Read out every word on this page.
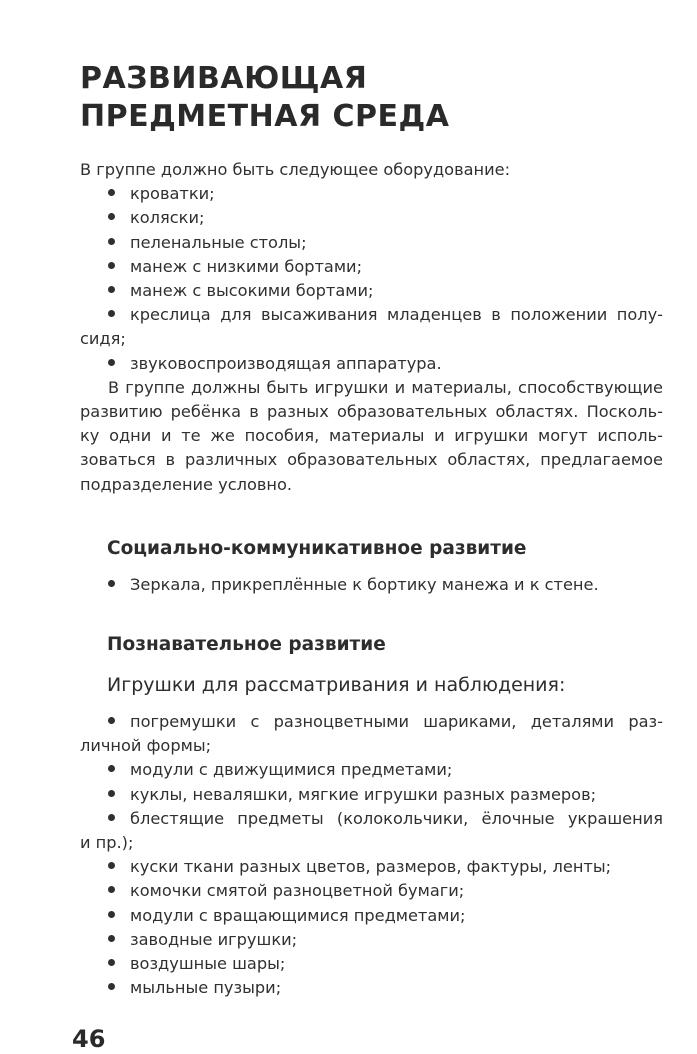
РАЗВИВАЮЩАЯ
ПРЕДМЕТНАЯ СРЕДА
В группе должно быть следующее оборудование:
кроватки;
коляски;
пеленальные столы;
манеж с низкими бортами;
манеж с высокими бортами;
креслица для высаживания младенцев в положении полу-
сидя;
звуковоспроизводящая аппаратура.
В группе должны быть игрушки и материалы, способствующие
развитию ребёнка в разных образовательных областях. Посколь-
ку одни и те же пособия, материалы и игрушки могут исполь-
зоваться в различных образовательных областях, предлагаемое
подразделение условно.
Социально-коммуникативное развитие
Зеркала, прикреплённые к бортику манежа и к стене.
Познавательное развитие
Игрушки для рассматривания и наблюдения:
погремушки с разноцветными шариками, деталями раз-
личной формы;
модули с движущимися предметами;
куклы, неваляшки, мягкие игрушки разных размеров;
блестящие предметы (колокольчики, ёлочные украшения
и пр.);
куски ткани разных цветов, размеров, фактуры, ленты;
комочки смятой разноцветной бумаги;
модули с вращающимися предметами;
заводные игрушки;
воздушные шары;
мыльные пузыри;
46
